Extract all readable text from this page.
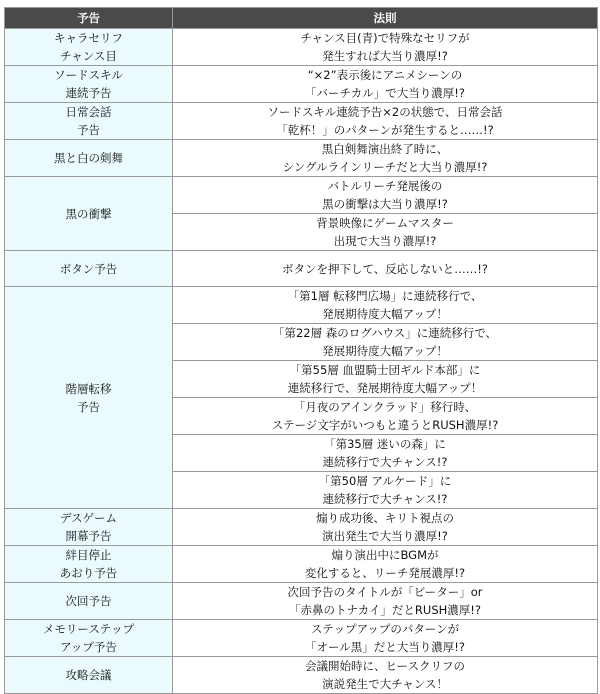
予告	法則

キャラセリフ
チャンス目	チャンス目(青)で特殊なセリフが
発生すれば大当り濃厚!?

ソードスキル
連続予告	“×2”表示後にアニメシーンの
「バーチカル」で大当り濃厚!?

日常会話
予告	ソードスキル連続予告×2の状態で、日常会話
「乾杯！」のパターンが発生すると……!?

黒と白の剣舞	黒白剣舞演出終了時に、
シングルラインリーチだと大当り濃厚!?

黒の衝撃	バトルリーチ発展後の
黒の衝撃は大当り濃厚!?

	背景映像にゲームマスター
出現で大当り濃厚!?

ボタン予告	ボタンを押下して、反応しないと……!?

階層転移
予告	「第1層 転移門広場」に連続移行で、
発展期待度大幅アップ！

	「第22層 森のログハウス」に連続移行で、
発展期待度大幅アップ！

	「第55層 血盟騎士団ギルド本部」に
連続移行で、発展期待度大幅アップ！

	「月夜のアインクラッド」移行時、
ステージ文字がいつもと違うとRUSH濃厚!?

	「第35層 迷いの森」に
連続移行で大チャンス!?

	「第50層 アルケード」に
連続移行で大チャンス!?

デスゲーム
開幕予告	煽り成功後、キリト視点の
演出発生で大当り濃厚!?

絆目停止
あおり予告	煽り演出中にBGMが
変化すると、リーチ発展濃厚!?

次回予告	次回予告のタイトルが「ビーター」or
「赤鼻のトナカイ」だとRUSH濃厚!?

メモリーステップ
アップ予告	ステップアップのパターンが
「オール黒」だと大当り濃厚!?

攻略会議	会議開始時に、ヒースクリフの
演説発生で大チャンス！
